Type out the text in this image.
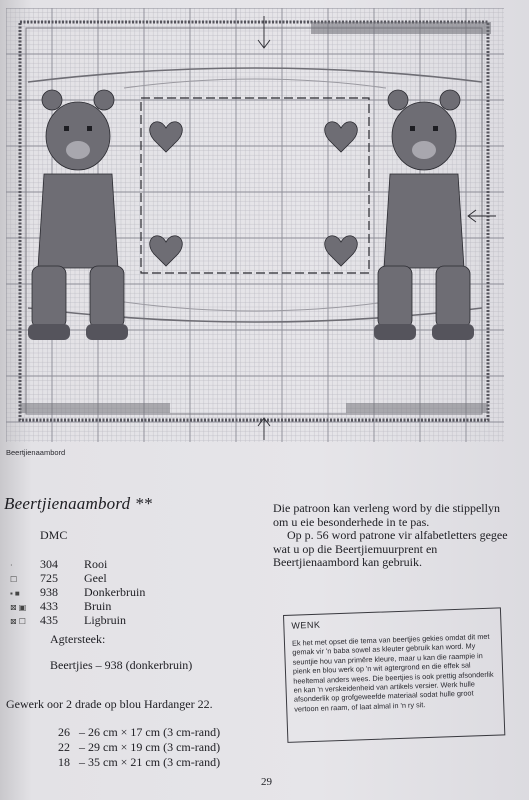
Beertjienaambord
Beertjienaambord **
DMC
· 304 Rooi
☐ 725 Geel
▪ ■ 938 Donkerbruin
⊠ ▣ 433 Bruin
⊠ ☐ 435 Ligbruin
Agtersteek:
Beertjies – 938 (donkerbruin)
Gewerk oor 2 drade op blou Hardanger 22.
26 – 26 cm × 17 cm (3 cm-rand)
22 – 29 cm × 19 cm (3 cm-rand)
18 – 35 cm × 21 cm (3 cm-rand)

Die patroon kan verleng word by die stippellyn om u eie besonderhede in te pas.

Op p. 56 word patrone vir alfabetletters gegee wat u op die Beertjiemuurprent en Beertjienaambord kan gebruik.

WENK
Ek het met opset die tema van beertjies gekies omdat dit met gemak vir 'n baba sowel as kleuter gebruik kan word. My seuntjie hou van primêre kleure, maar u kan die raampie in pienk en blou werk op 'n wit agtergrond en die effek sal heeltemal anders wees. Die beertjies is ook prettig afsonderlik en kan 'n verskeidenheid van artikels versier. Werk hulle afsonderlik op grofgeweefde materiaal sodat hulle groot vertoon en raam, of laat almal in 'n ry sit.
29
